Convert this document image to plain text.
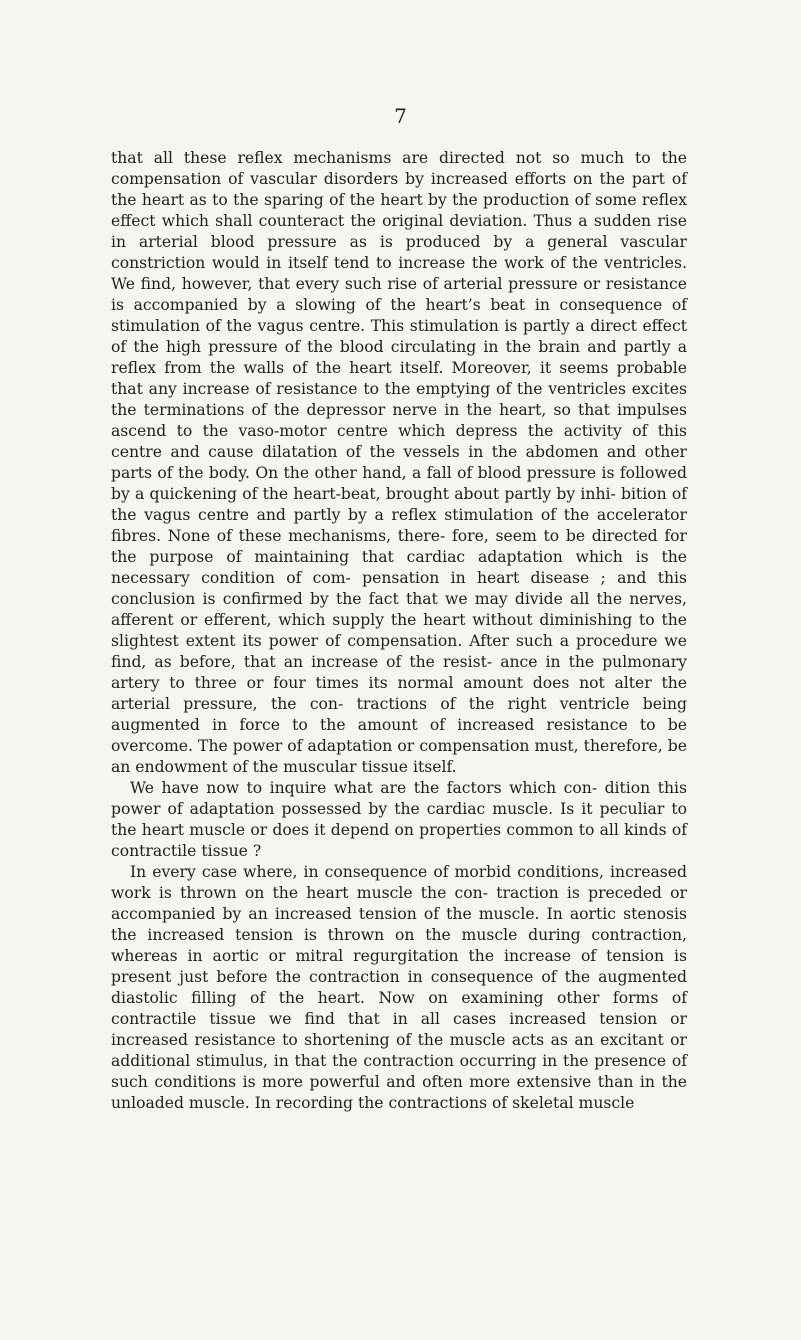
7

that all these reflex mechanisms are directed not so much to the compensation of vascular disorders by increased efforts on the part of the heart as to the sparing of the heart by the production of some reflex effect which shall counteract the original deviation. Thus a sudden rise in arterial blood pressure as is produced by a general vascular constriction would in itself tend to increase the work of the ventricles. We find, however, that every such rise of arterial pressure or resistance is accompanied by a slowing of the heart’s beat in consequence of stimulation of the vagus centre. This stimulation is partly a direct effect of the high pressure of the blood circulating in the brain and partly a reflex from the walls of the heart itself. Moreover, it seems probable that any increase of resistance to the emptying of the ventricles excites the terminations of the depressor nerve in the heart, so that impulses ascend to the vaso-motor centre which depress the activity of this centre and cause dilatation of the vessels in the abdomen and other parts of the body. On the other hand, a fall of blood pressure is followed by a quickening of the heart-beat, brought about partly by inhi- bition of the vagus centre and partly by a reflex stimulation of the accelerator fibres. None of these mechanisms, there- fore, seem to be directed for the purpose of maintaining that cardiac adaptation which is the necessary condition of com- pensation in heart disease ; and this conclusion is confirmed by the fact that we may divide all the nerves, afferent or efferent, which supply the heart without diminishing to the slightest extent its power of compensation. After such a procedure we find, as before, that an increase of the resist- ance in the pulmonary artery to three or four times its normal amount does not alter the arterial pressure, the con- tractions of the right ventricle being augmented in force to the amount of increased resistance to be overcome. The power of adaptation or compensation must, therefore, be an endowment of the muscular tissue itself.

We have now to inquire what are the factors which con- dition this power of adaptation possessed by the cardiac muscle. Is it peculiar to the heart muscle or does it depend on properties common to all kinds of contractile tissue ?

In every case where, in consequence of morbid conditions, increased work is thrown on the heart muscle the con- traction is preceded or accompanied by an increased tension of the muscle. In aortic stenosis the increased tension is thrown on the muscle during contraction, whereas in aortic or mitral regurgitation the increase of tension is present just before the contraction in consequence of the augmented diastolic filling of the heart. Now on examining other forms of contractile tissue we find that in all cases increased tension or increased resistance to shortening of the muscle acts as an excitant or additional stimulus, in that the contraction occurring in the presence of such conditions is more powerful and often more extensive than in the unloaded muscle. In recording the contractions of skeletal muscle
